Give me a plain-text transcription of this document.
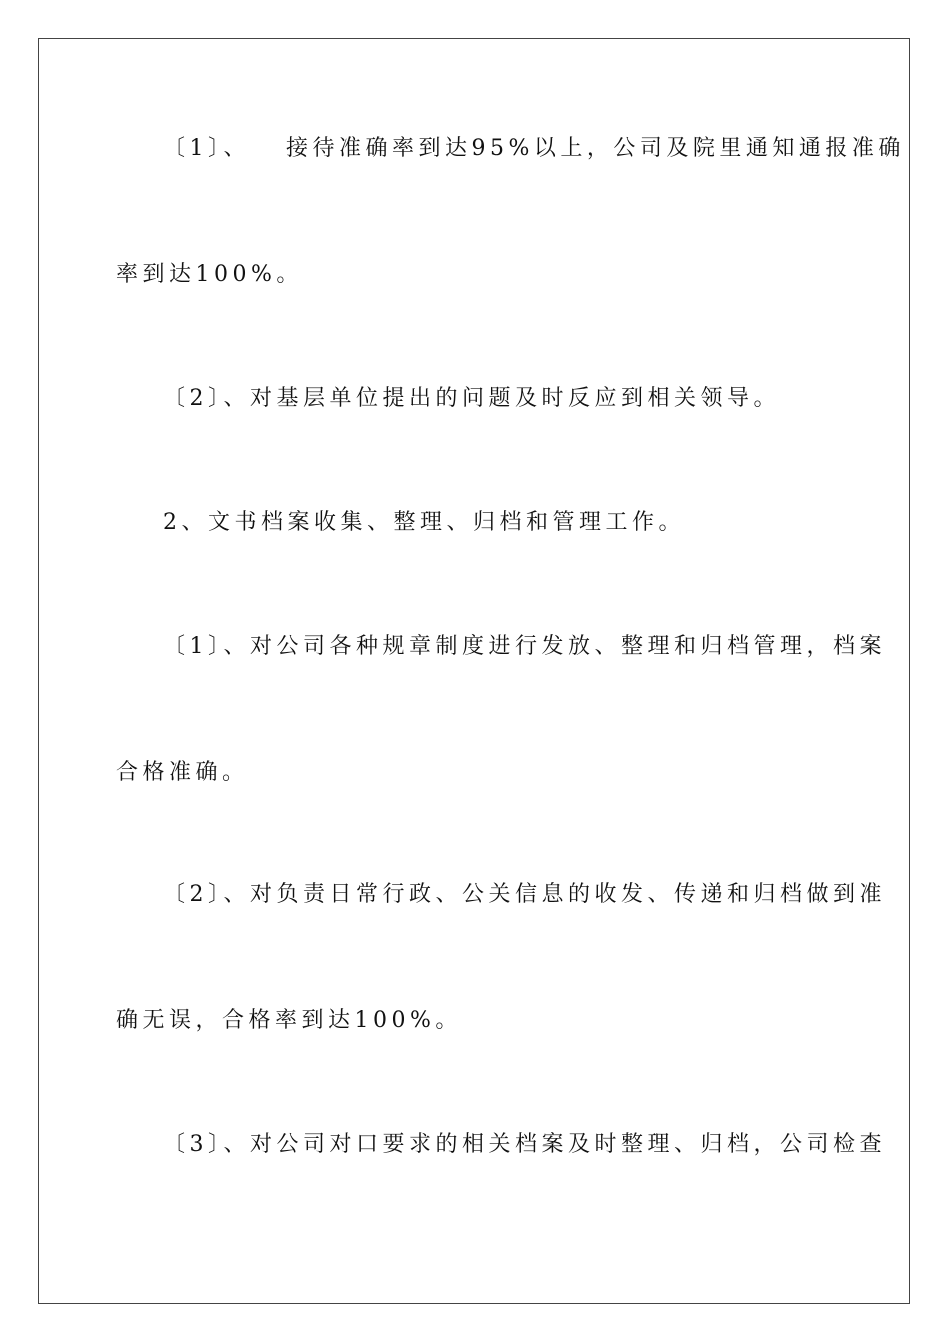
〔1〕、 接待准确率到达95%以上，公司及院里通知通报准确
率到达100%。
〔2〕、对基层单位提出的问题及时反应到相关领导。
2、文书档案收集、整理、归档和管理工作。
〔1〕、对公司各种规章制度进行发放、整理和归档管理，档案
合格准确。
〔2〕、对负责日常行政、公关信息的收发、传递和归档做到准
确无误，合格率到达100%。
〔3〕、对公司对口要求的相关档案及时整理、归档，公司检查
